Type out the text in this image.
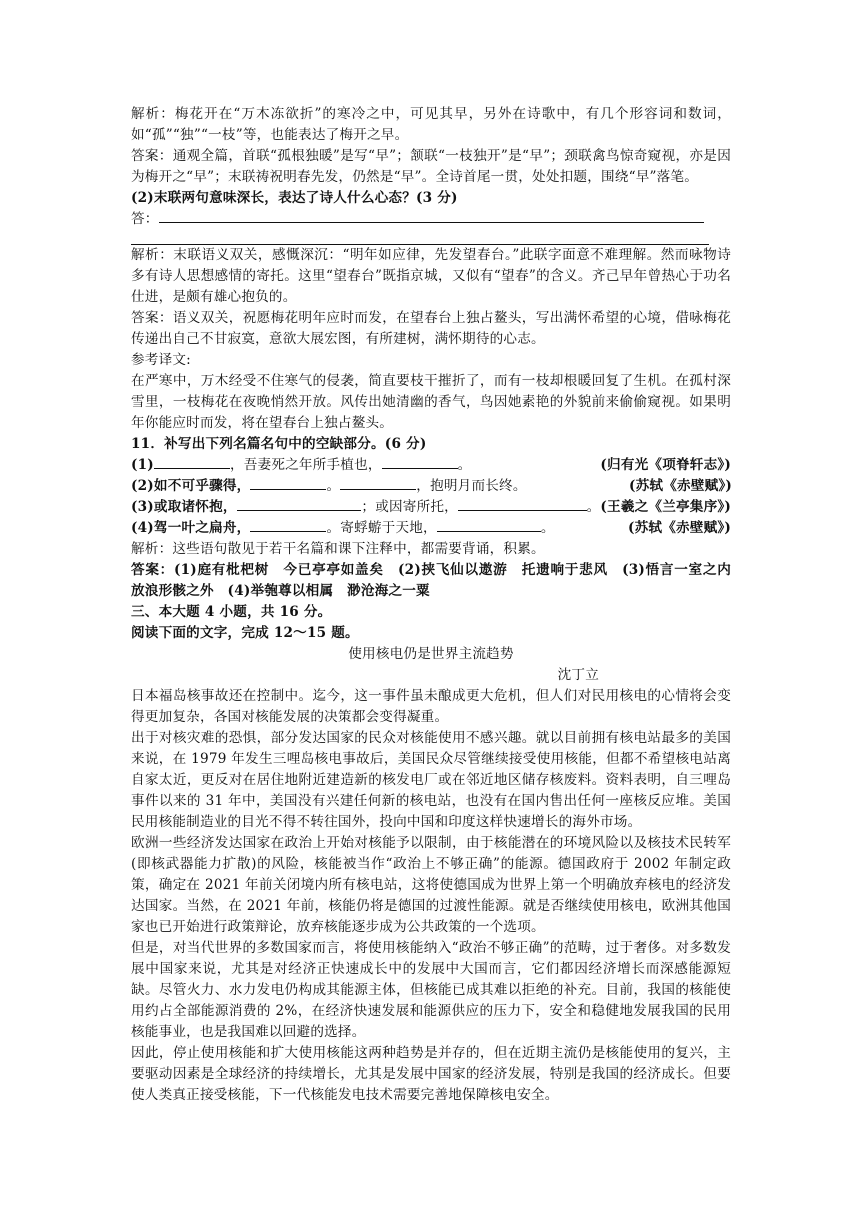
解析：梅花开在“万木冻欲折”的寒冷之中，可见其早，另外在诗歌中，有几个形容词和数词，如“孤”“独”“一枝”等，也能表达了梅开之早。
答案：通观全篇，首联“孤根独暖”是写“早”；颔联“一枝独开”是“早”；颈联禽鸟惊奇窥视，亦是因为梅开之“早”；末联祷祝明春先发，仍然是“早”。全诗首尾一贯，处处扣题，围绕“早”落笔。
(2)末联两句意味深长，表达了诗人什么心态？(3 分)
答：
解析：末联语义双关，感慨深沉：“明年如应律，先发望春台。”此联字面意不难理解。然而咏物诗多有诗人思想感情的寄托。这里“望春台”既指京城，又似有“望春”的含义。齐己早年曾热心于功名仕进，是颇有雄心抱负的。
答案：语义双关，祝愿梅花明年应时而发，在望春台上独占鳌头，写出满怀希望的心境，借咏梅花传递出自己不甘寂寞，意欲大展宏图，有所建树，满怀期待的心志。
参考译文:
在严寒中，万木经受不住寒气的侵袭，简直要枝干摧折了，而有一枝却根暖回复了生机。在孤村深雪里，一枝梅花在夜晚悄然开放。风传出她清幽的香气，鸟因她素艳的外貌前来偷偷窥视。如果明年你能应时而发，将在望春台上独占鳌头。
11．补写出下列名篇名句中的空缺部分。(6 分)
(1)	，吾妻死之年所手植也，	。	(归有光《项脊轩志》)
(2)如不可乎骤得，	。	，抱明月而长终。	(苏轼《赤壁赋》)
(3)或取诸怀抱，	；或因寄所托，	。 (王羲之《兰亭集序》)
(4)驾一叶之扁舟，	。寄蜉蝣于天地，	。	(苏轼《赤壁赋》)
解析：这些语句散见于若干名篇和课下注释中，都需要背诵，积累。
答案：(1)庭有枇杷树　今已亭亭如盖矣　(2)挟飞仙以遨游　托遗响于悲风　(3)悟言一室之内　放浪形骸之外　(4)举匏尊以相属　渺沧海之一粟
三、本大题 4 小题，共 16 分。
阅读下面的文字，完成 12～15 题。
使用核电仍是世界主流趋势
沈丁立
日本福岛核事故还在控制中。迄今，这一事件虽未酿成更大危机，但人们对民用核电的心情将会变得更加复杂，各国对核能发展的决策都会变得凝重。
出于对核灾难的恐惧，部分发达国家的民众对核能使用不感兴趣。就以目前拥有核电站最多的美国来说，在 1979 年发生三哩岛核电事故后，美国民众尽管继续接受使用核能，但都不希望核电站离自家太近，更反对在居住地附近建造新的核发电厂或在邻近地区储存核废料。资料表明，自三哩岛事件以来的 31 年中，美国没有兴建任何新的核电站，也没有在国内售出任何一座核反应堆。美国民用核能制造业的目光不得不转往国外，投向中国和印度这样快速增长的海外市场。
欧洲一些经济发达国家在政治上开始对核能予以限制，由于核能潜在的环境风险以及核技术民转军(即核武器能力扩散)的风险，核能被当作“政治上不够正确”的能源。德国政府于 2002 年制定政策，确定在 2021 年前关闭境内所有核电站，这将使德国成为世界上第一个明确放弃核电的经济发达国家。当然，在 2021 年前，核能仍将是德国的过渡性能源。就是否继续使用核电，欧洲其他国家也已开始进行政策辩论，放弃核能逐步成为公共政策的一个选项。
但是，对当代世界的多数国家而言，将使用核能纳入“政治不够正确”的范畴，过于奢侈。对多数发展中国家来说，尤其是对经济正快速成长中的发展中大国而言，它们都因经济增长而深感能源短缺。尽管火力、水力发电仍构成其能源主体，但核能已成其难以拒绝的补充。目前，我国的核能使用约占全部能源消费的 2%，在经济快速发展和能源供应的压力下，安全和稳健地发展我国的民用核能事业，也是我国难以回避的选择。
因此，停止使用核能和扩大使用核能这两种趋势是并存的，但在近期主流仍是核能使用的复兴，主要驱动因素是全球经济的持续增长，尤其是发展中国家的经济发展，特别是我国的经济成长。但要使人类真正接受核能，下一代核能发电技术需要完善地保障核电安全。
